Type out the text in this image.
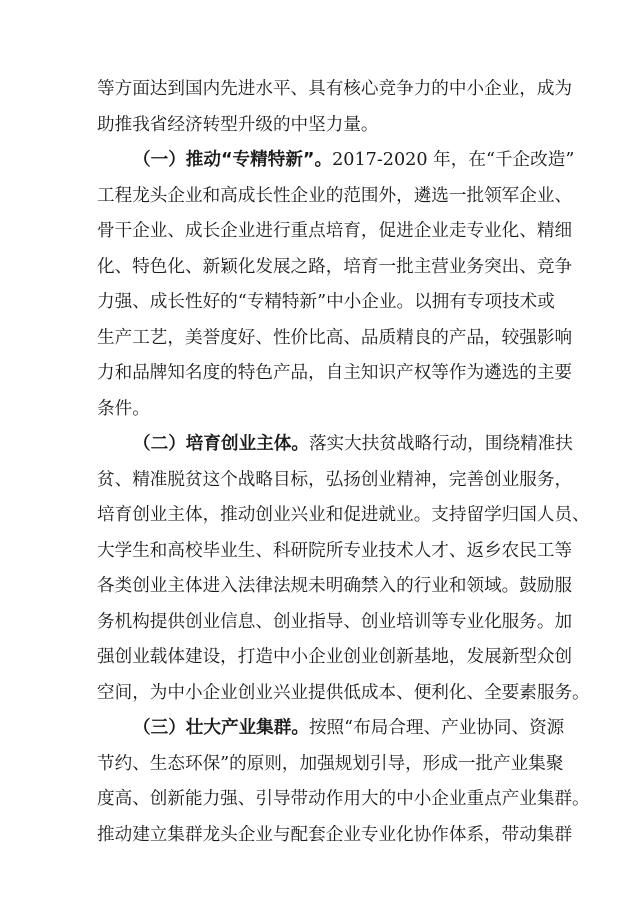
等方面达到国内先进水平、具有核心竞争力的中小企业，成为
助推我省经济转型升级的中坚力量。
（一）推动“专精特新”。2017-2020 年，在“千企改造”
工程龙头企业和高成长性企业的范围外，遴选一批领军企业、
骨干企业、成长企业进行重点培育，促进企业走专业化、精细
化、特色化、新颖化发展之路，培育一批主营业务突出、竞争
力强、成长性好的“专精特新”中小企业。以拥有专项技术或
生产工艺，美誉度好、性价比高、品质精良的产品，较强影响
力和品牌知名度的特色产品，自主知识产权等作为遴选的主要
条件。
（二）培育创业主体。落实大扶贫战略行动，围绕精准扶
贫、精准脱贫这个战略目标，弘扬创业精神，完善创业服务，
培育创业主体，推动创业兴业和促进就业。支持留学归国人员、
大学生和高校毕业生、科研院所专业技术人才、返乡农民工等
各类创业主体进入法律法规未明确禁入的行业和领域。鼓励服
务机构提供创业信息、创业指导、创业培训等专业化服务。加
强创业载体建设，打造中小企业创业创新基地，发展新型众创
空间，为中小企业创业兴业提供低成本、便利化、全要素服务。
（三）壮大产业集群。按照“布局合理、产业协同、资源
节约、生态环保”的原则，加强规划引导，形成一批产业集聚
度高、创新能力强、引导带动作用大的中小企业重点产业集群。
推动建立集群龙头企业与配套企业专业化协作体系，带动集群
